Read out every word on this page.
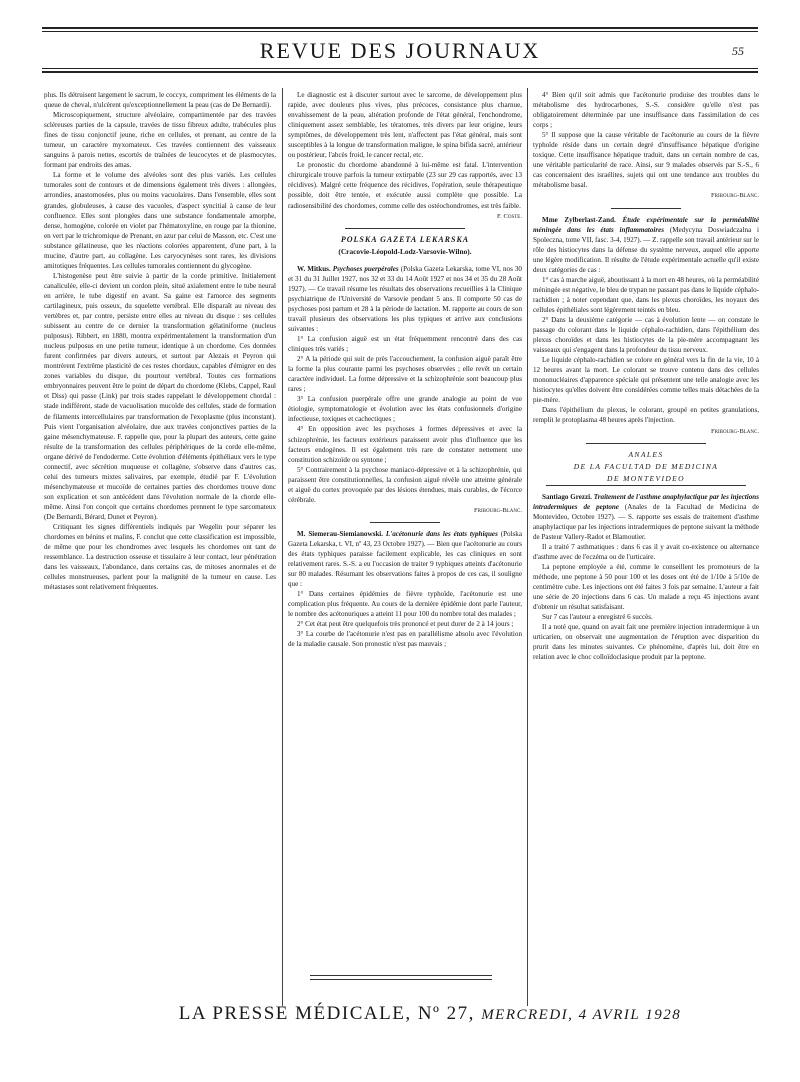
REVUE DES JOURNAUX	55

plus. Ils détruisent largement le sacrum, le coccyx, compriment les éléments de la queue de cheval, n'ulcèrent qu'exceptionnellement la peau (cas de De Bernardi).

Microscopiquement, structure alvéolaire, compartimentée par des travées scléreuses parties de la capsule, travées de tissu fibreux adulte, trabécules plus fines de tissu conjonctif jeune, riche en cellules, et prenant, au centre de la tumeur, un caractère myxomateux. Ces travées contiennent des vaisseaux sanguins à parois nettes, escortés de traînées de leucocytes et de plasmocytes, formant par endroits des amas.

La forme et le volume des alvéoles sont des plus variés. Les cellules tumorales sont de contours et de dimensions également très divers : allongées, arrondies, anastomosées, plus ou moins vacuolaires. Dans l'ensemble, elles sont grandes, globuleuses, à cause des vacuoles, d'aspect syncitial à cause de leur confluence. Elles sont plongées dans une substance fondamentale amorphe, dense, homogène, colorée en violet par l'hématoxyline, en rouge par la thionine, en vert par le trichromique de Prenant, en azur par celui de Masson, etc. C'est une substance gélatineuse, que les réactions colorées apparentent, d'une part, à la mucine, d'autre part, au collagène. Les caryocynèses sont rares, les divisions amitotiques fréquentes. Les cellules tumorales contiennent du glycogène.

L'histogenèse peut être suivie à partir de la corde primitive. Initialement canaliculée, elle-ci devient un cordon plein, situé axialement entre le tube neural en arrière, le tube digestif en avant. Sa gaine est l'amorce des segments cartilagineux, puis osseux, du squelette vertébral. Elle disparaît au niveau des vertèbres et, par contre, persiste entre elles au niveau du disque : ses cellules subissent au centre de ce dernier la transformation gélatiniforme (nucleus pulposus). Ribbert, en 1880, montra expérimentalement la transformation d'un nucleus pulposus en une petite tumeur, identique à un chordome. Ces données furent confirmées par divers auteurs, et surtout par Alezais et Peyron qui montrèrent l'extrême plasticité de ces restes chordaux, capables d'émigrer en des zones variables du disque, du pourtour vertébral. Toutes ces formations embryonnaires peuvent être le point de départ du chordome (Klebs, Cappel, Raul et Diss) qui passe (Link) par trois stades rappelant le développement chordal : stade indifférent, stade de vacuolisation mucoïde des cellules, stade de formation de filaments intercellulaires par transformation de l'exoplasme (plus inconstant). Puis vient l'organisation alvéolaire, due aux travées conjonctives parties de la gaine mésenchymateuse. F. rappelle que, pour la plupart des auteurs, cette gaine résulte de la transformation des cellules périphériques de la corde elle-même, organe dérivé de l'endoderme. Cette évolution d'éléments épithéliaux vers le type connectif, avec sécrétion muqueuse et collagène, s'observe dans d'autres cas, celui des tumeurs mixtes salivaires, par exemple, étudié par F. L'évolution mésenchymateuse et mucoïde de certaines parties des chordomes trouve donc son explication et son antécédent dans l'évolution normale de la chorde elle-même. Ainsi l'on conçoit que certains chordomes prennent le type sarcomateux (De Bernardi, Bérard, Dunet et Peyron).

Critiquant les signes différentiels indiqués par Wegelin pour séparer les chordomes en bénins et malins, F. conclut que cette classification est impossible, de même que pour les chondromes avec lesquels les chordomes ont tant de ressemblance. La destruction osseuse et tissulaire à leur contact, leur pénétration dans les vaisseaux, l'abondance, dans certains cas, de mitoses anormales et de cellules monstrueuses, parlent pour la malignité de la tumeur en cause. Les métastases sont relativement fréquentes.

Le diagnostic est à discuter surtout avec le sarcome, de développement plus rapide, avec douleurs plus vives, plus précoces, consistance plus charnue, envahissement de la peau, altération profonde de l'état général, l'enchondrome, cliniquement assez semblable, les tératomes, très divers par leur origine, leurs symptômes, de développement très lent, n'affectent pas l'état général, mais sont susceptibles à la longue de transformation maligne, le spina bifida sacré, antérieur ou postérieur, l'abcès froid, le cancer rectal, etc.

Le pronostic du chordome abandonné à lui-même est fatal. L'intervention chirurgicale trouve parfois la tumeur extirpable (23 sur 29 cas rapportés, avec 13 récidives). Malgré cette fréquence des récidives, l'opération, seule thérapeutique possible, doit être tentée, et exécutée aussi complète que possible. La radiosensibilité des chordomes, comme celle des ostéochondromes, est très faible.

F. Coste.
POLSKA GAZETA LEKARSKA
(Cracovie-Léopold-Lodz-Varsovie-Wilno).

W. Mitkus. Psychoses puerpérales (Polska Gazeta Lekarska, tome VI, nos 30 et 31 du 31 Juillet 1927, nos 32 et 33 du 14 Août 1927 et nos 34 et 35 du 28 Août 1927). — Ce travail résume les résultats des observations recueillies à la Clinique psychiatrique de l'Université de Varsovie pendant 5 ans. Il comporte 50 cas de psychoses post partum et 28 à la période de lactation. M. rapporte au cours de son travail plusieurs des observations les plus typiques et arrive aux conclusions suivantes :

1° La confusion aiguë est un état fréquemment rencontré dans des cas cliniques très variés ;

2° A la période qui suit de près l'accouchement, la confusion aiguë paraît être la forme la plus courante parmi les psychoses observées ; elle revêt un certain caractère individuel. La forme dépressive et la schizophrénie sont beaucoup plus rares ;

3° La confusion puerpérale offre une grande analogie au point de vue étiologie, symptomatologie et évolution avec les états confusionnels d'origine infectieuse, toxiques et cachectiques ;

4° En opposition avec les psychoses à formes dépressives et avec la schizophrénie, les facteurs extérieurs paraissent avoir plus d'influence que les facteurs endogènes. Il est également très rare de constater nettement une constitution schizoïde ou syntone ;

5° Contrairement à la psychose maniaco-dépressive et à la schizophrénie, qui paraissent être constitutionnelles, la confusion aiguë révèle une atteinte générale et aiguë du cortex provoquée par des lésions étendues, mais curables, de l'écorce cérébrale.

Fribourg-Blanc.

M. Siemerau-Siemianowski. L'acétonurie dans les états typhiques (Polska Gazeta Lekarska, t. VI, nº 43, 23 Octobre 1927). — Bien que l'acétonurie au cours des états typhiques paraisse facilement explicable, les cas cliniques en sont relativement rares. S.-S. a eu l'occasion de traiter 9 typhiques atteints d'acétonurie sur 80 malades. Résumant les observations faites à propos de ces cas, il souligne que :

1° Dans certaines épidémies de fièvre typhoïde, l'acétonurie est une complication plus fréquente. Au cours de la dernière épidémie dont parle l'auteur, le nombre des acétonuriques a atteint 11 pour 100 du nombre total des malades ;

2° Cet état peut être quelquefois très prononcé et peut durer de 2 à 14 jours ;

3° La courbe de l'acétonurie n'est pas en parallélisme absolu avec l'évolution de la maladie causale. Son pronostic n'est pas mauvais ;

4° Bien qu'il soit admis que l'acétonurie produise des troubles dans le métabolisme des hydrocarbones, S.-S. considère qu'elle n'est pas obligatoirement déterminée par une insuffisance dans l'assimilation de ces corps ;

5° Il suppose que la cause véritable de l'acétonurie au cours de la fièvre typhoïde réside dans un certain degré d'insuffisance hépatique d'origine toxique. Cette insuffisance hépatique traduit, dans un certain nombre de cas, une véritable particularité de race. Ainsi, sur 9 malades observés par S.-S., 6 cas concernaient des israélites, sujets qui ont une tendance aux troubles du métabolisme basal.

Fribourg-Blanc.

Mme Zylberlast-Zand. Étude expérimentale sur la perméabilité méningée dans les états inflammatoires (Medycyna Doswiadczalna i Spoleczna, tome VII, fasc. 3-4, 1927). — Z. rappelle son travail antérieur sur le rôle des histiocytes dans la défense du système nerveux, auquel elle apporte une légère modification. Il résulte de l'étude expérimentale actuelle qu'il existe deux catégories de cas :

1° cas à marche aiguë, aboutissant à la mort en 48 heures, où la perméabilité méningée est négative, le bleu de trypan ne passant pas dans le liquide céphalo-rachidien ; à noter cependant que, dans les plexus choroïdes, les noyaux des cellules épithéliales sont légèrement teintés en bleu.

2° Dans la deuxième catégorie — cas à évolution lente — on constate le passage du colorant dans le liquide céphalo-rachidien, dans l'épithélium des plexus choroïdes et dans les histiocytes de la pie-mère accompagnant les vaisseaux qui s'engagent dans la profondeur du tissu nerveux.

Le liquide céphalo-rachidien se colore en général vers la fin de la vie, 10 à 12 heures avant la mort. Le colorant se trouve contenu dans des cellules mononucléaires d'apparence spéciale qui présentent une telle analogie avec les histiocytes qu'elles doivent être considérées comme telles mais détachées de la pie-mère.

Dans l'épithélium du plexus, le colorant, groupé en petites granulations, remplit le protoplasma 48 heures après l'injection.

Fribourg-Blanc.
ANALES
DE LA FACULTAD DE MEDICINA
DE MONTEVIDEO

Santiago Grezzi. Traitement de l'asthme anaphylactique par les injections intradermiques de peptone (Anales de la Facultad de Medicina de Montevideo, Octobre 1927). — S. rapporte ses essais de traitement d'asthme anaphylactique par les injections intradermiques de peptone suivant la méthode de Pasteur Vallery-Radot et Blamoutier.

Il a traité 7 asthmatiques : dans 6 cas il y avait co-existence ou alternance d'asthme avec de l'eczéma ou de l'urticaire.

La peptone employée a été, comme le conseillent les promoteurs de la méthode, une peptone à 50 pour 100 et les doses ont été de 1/10e à 5/10e de centimètre cube. Les injections ont été faites 3 fois par semaine. L'auteur a fait une série de 20 injections dans 6 cas. Un malade a reçu 45 injections avant d'obtenir un résultat satisfaisant.

Sur 7 cas l'auteur a enregistré 6 succès.

Il a noté que, quand on avait fait une première injection intradermique à un urticarien, on observait une augmentation de l'éruption avec disparition du prurit dans les minutes suivantes. Ce phénomène, d'après lui, doit être en relation avec le choc colloïdoclasique produit par la peptone.

LA PRESSE MÉDICALE, Nº 27, MERCREDI, 4 AVRIL 1928
